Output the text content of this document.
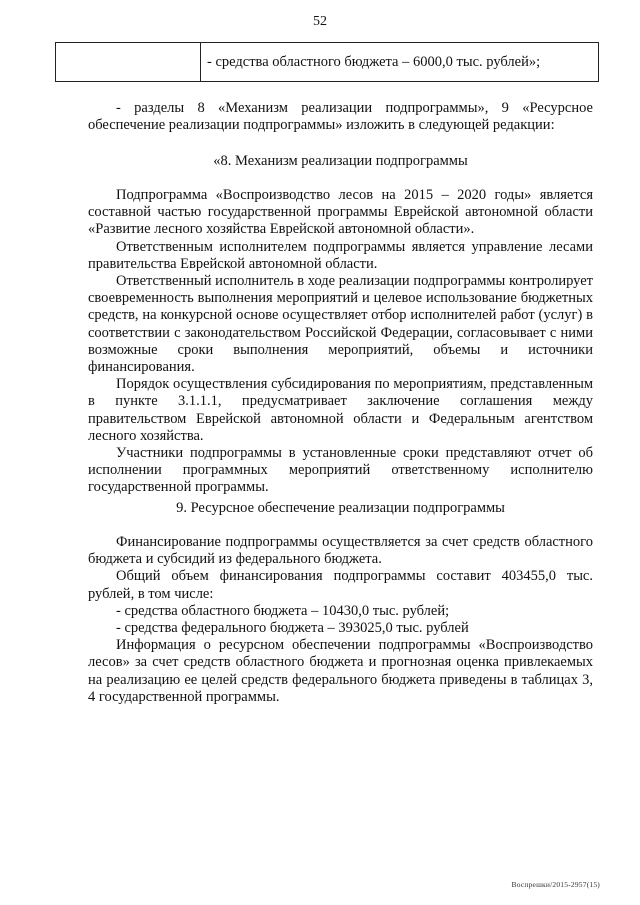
52
	- средства областного бюджета – 6000,0 тыс. рублей»;

- разделы 8 «Механизм реализации подпрограммы», 9 «Ресурсное обеспечение реализации подпрограммы» изложить в следующей редакции:

«8. Механизм реализации подпрограммы

Подпрограмма «Воспроизводство лесов на 2015 – 2020 годы» является составной частью государственной программы Еврейской автономной области «Развитие лесного хозяйства Еврейской автономной области».

Ответственным исполнителем подпрограммы является управление лесами правительства Еврейской автономной области.

Ответственный исполнитель в ходе реализации подпрограммы контролирует своевременность выполнения мероприятий и целевое использование бюджетных средств, на конкурсной основе осуществляет отбор исполнителей работ (услуг) в соответствии с законодательством Российской Федерации, согласовывает с ними возможные сроки выполнения мероприятий, объемы и источники финансирования.

Порядок осуществления субсидирования по мероприятиям, представленным в пункте 3.1.1.1, предусматривает заключение соглашения между правительством Еврейской автономной области и Федеральным агентством лесного хозяйства.

Участники подпрограммы в установленные сроки представляют отчет об исполнении программных мероприятий ответственному исполнителю государственной программы.

9. Ресурсное обеспечение реализации подпрограммы

Финансирование подпрограммы осуществляется за счет средств областного бюджета и субсидий из федерального бюджета.

Общий объем финансирования подпрограммы составит 403455,0 тыс. рублей, в том числе:

- средства областного бюджета – 10430,0 тыс. рублей;

- средства федерального бюджета – 393025,0 тыс. рублей

Информация о ресурсном обеспечении подпрограммы «Воспроизводство лесов» за счет средств областного бюджета и прогнозная оценка привлекаемых на реализацию ее целей средств федерального бюджета приведены в таблицах 3, 4 государственной программы.

Воспрешки/2015-2957(15)
